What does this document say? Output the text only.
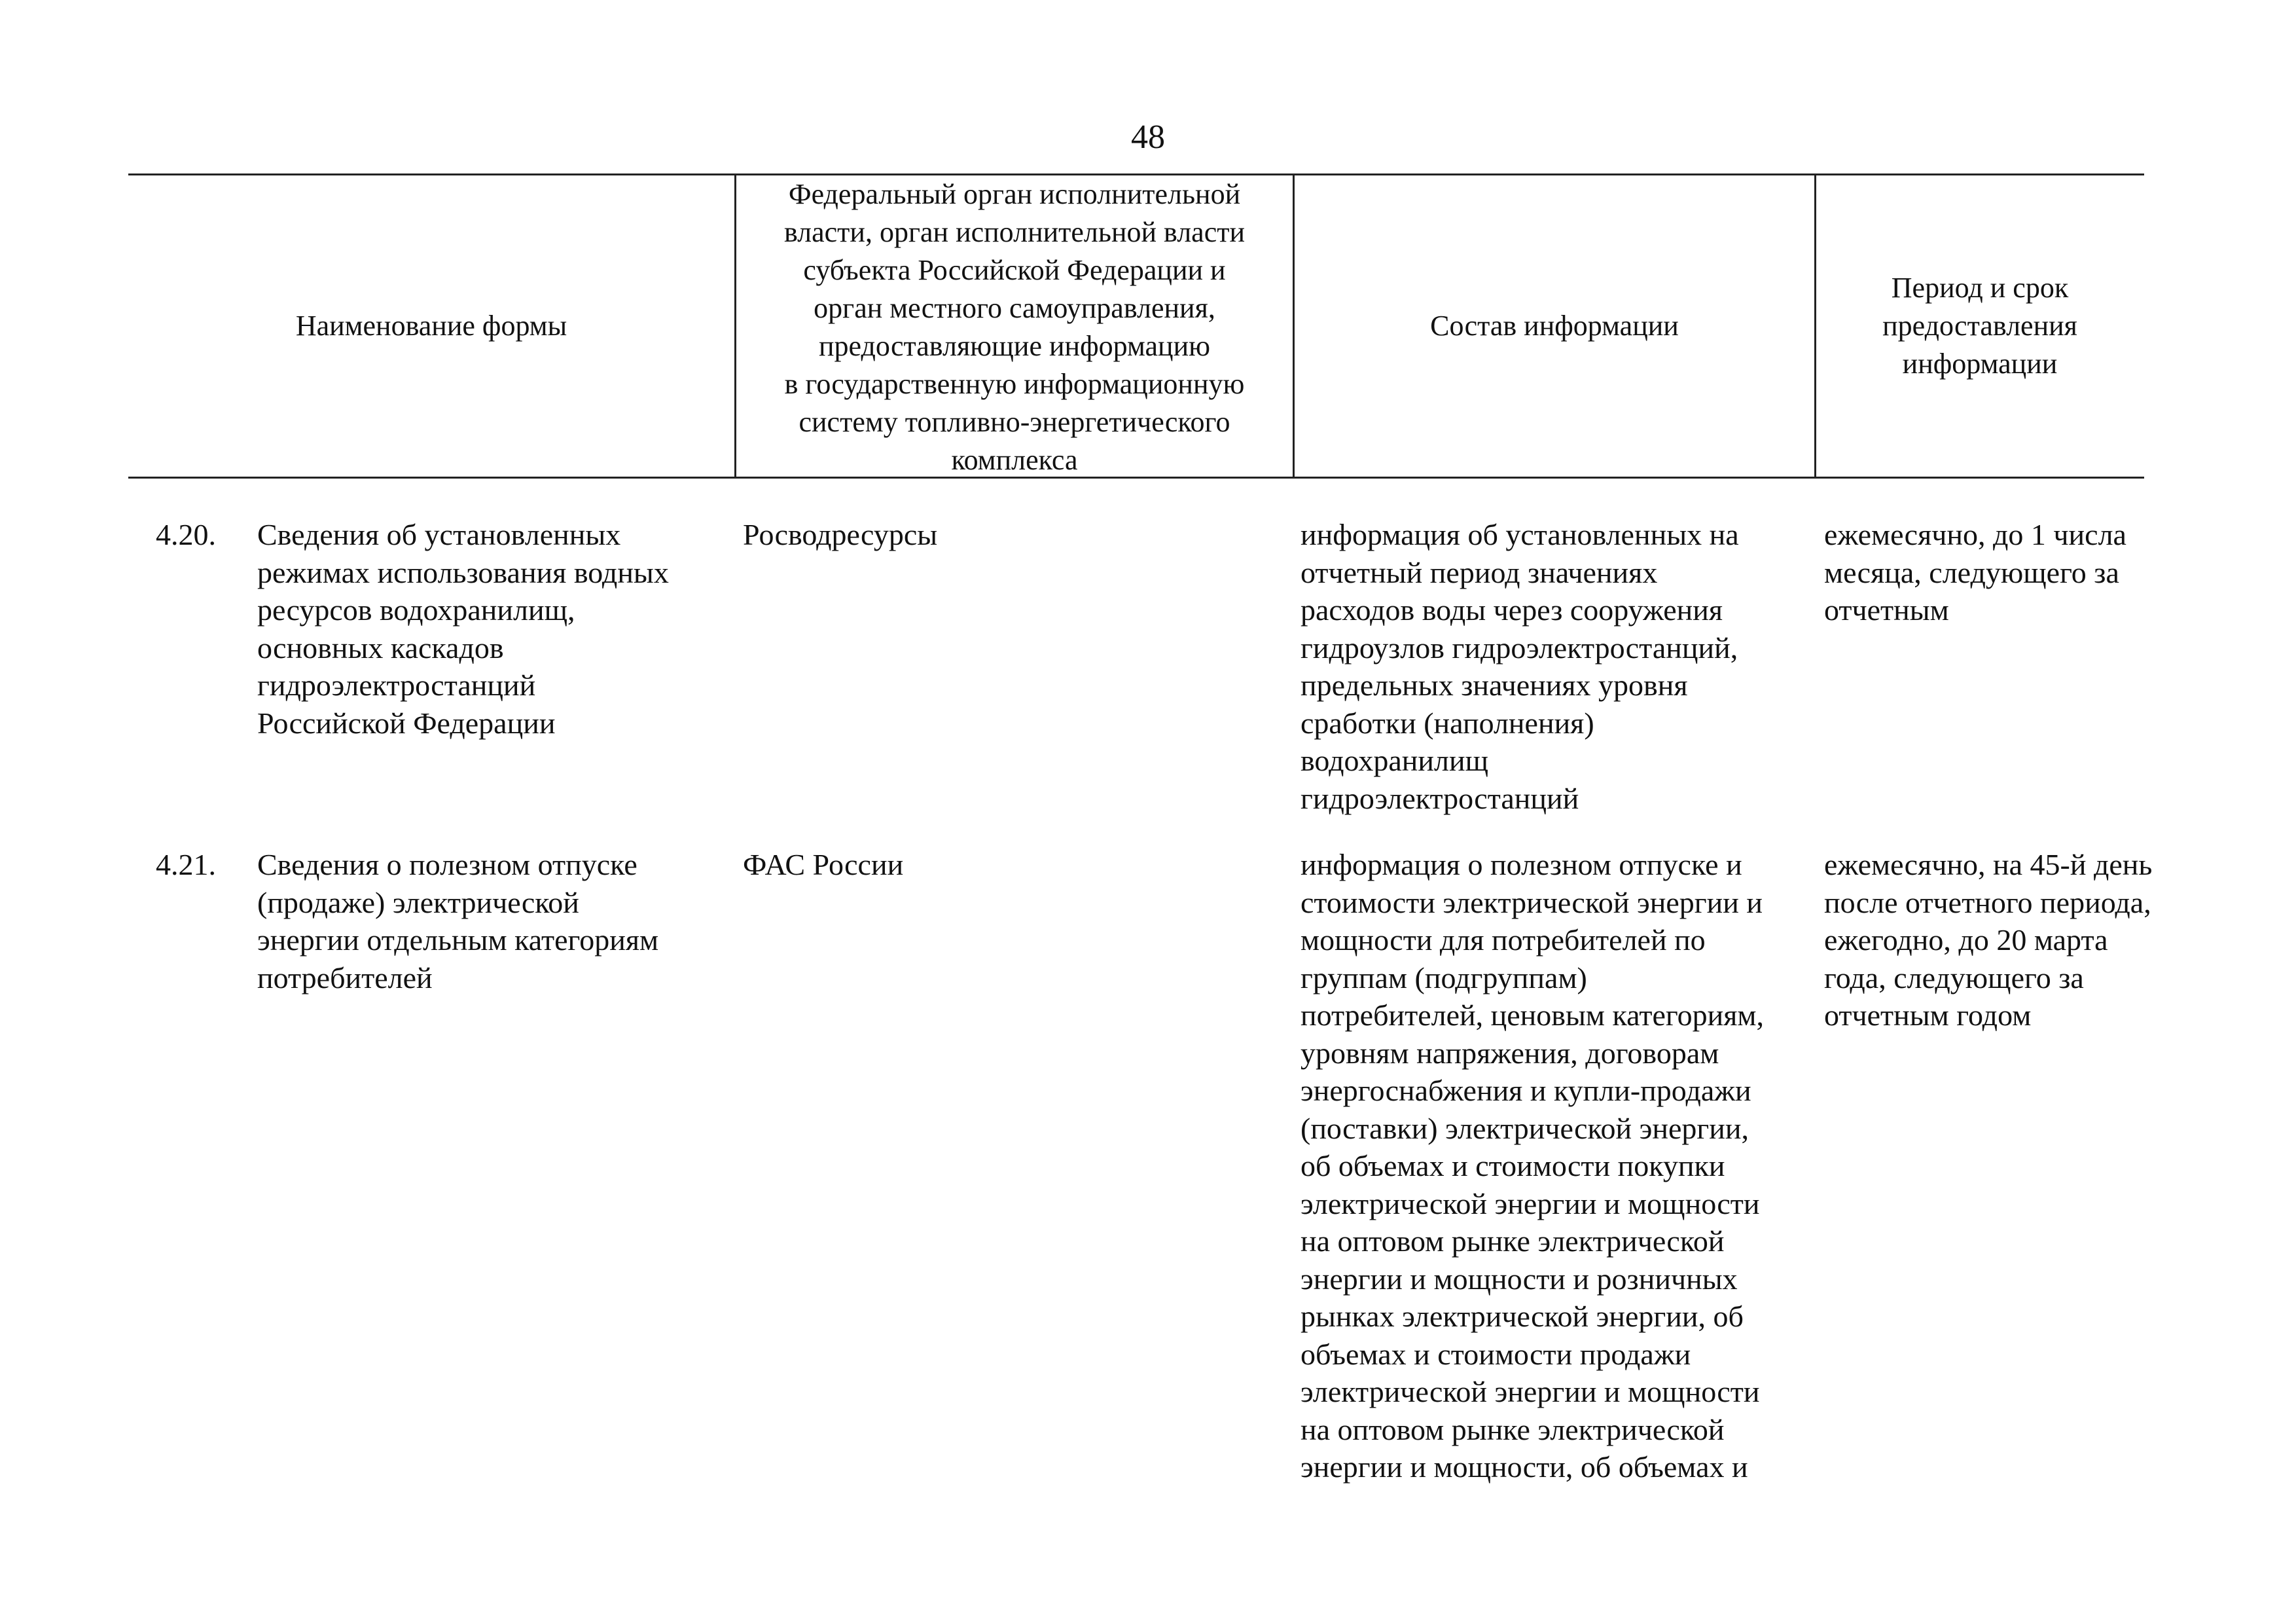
48
Наименование формы
Федеральный орган исполнительной
власти, орган исполнительной власти
субъекта Российской Федерации и
орган местного самоуправления,
предоставляющие информацию
в государственную информационную
систему топливно-энергетического
комплекса
Состав информации
Период и срок
предоставления
информации
4.20. Сведения об установленных
режимах использования водных
ресурсов водохранилищ,
основных каскадов
гидроэлектростанций
Российской Федерации
Росводресурсы	информация об установленных на
отчетный период значениях
расходов воды через сооружения
гидроузлов гидроэлектростанций,
предельных значениях уровня
сработки (наполнения)
водохранилищ
гидроэлектростанций
ежемесячно, до 1 числа
месяца, следующего за
отчетным
4.21. Сведения о полезном отпуске
(продаже) электрической
энергии отдельным категориям
потребителей
ФАС России	информация о полезном отпуске и
стоимости электрической энергии и
мощности для потребителей по
группам (подгруппам)
потребителей, ценовым категориям,
уровням напряжения, договорам
энергоснабжения и купли-продажи
(поставки) электрической энергии,
об объемах и стоимости покупки
электрической энергии и мощности
на оптовом рынке электрической
энергии и мощности и розничных
рынках электрической энергии, об
объемах и стоимости продажи
электрической энергии и мощности
на оптовом рынке электрической
энергии и мощности, об объемах и
ежемесячно, на 45-й день
после отчетного периода,
ежегодно, до 20 марта
года, следующего за
отчетным годом
